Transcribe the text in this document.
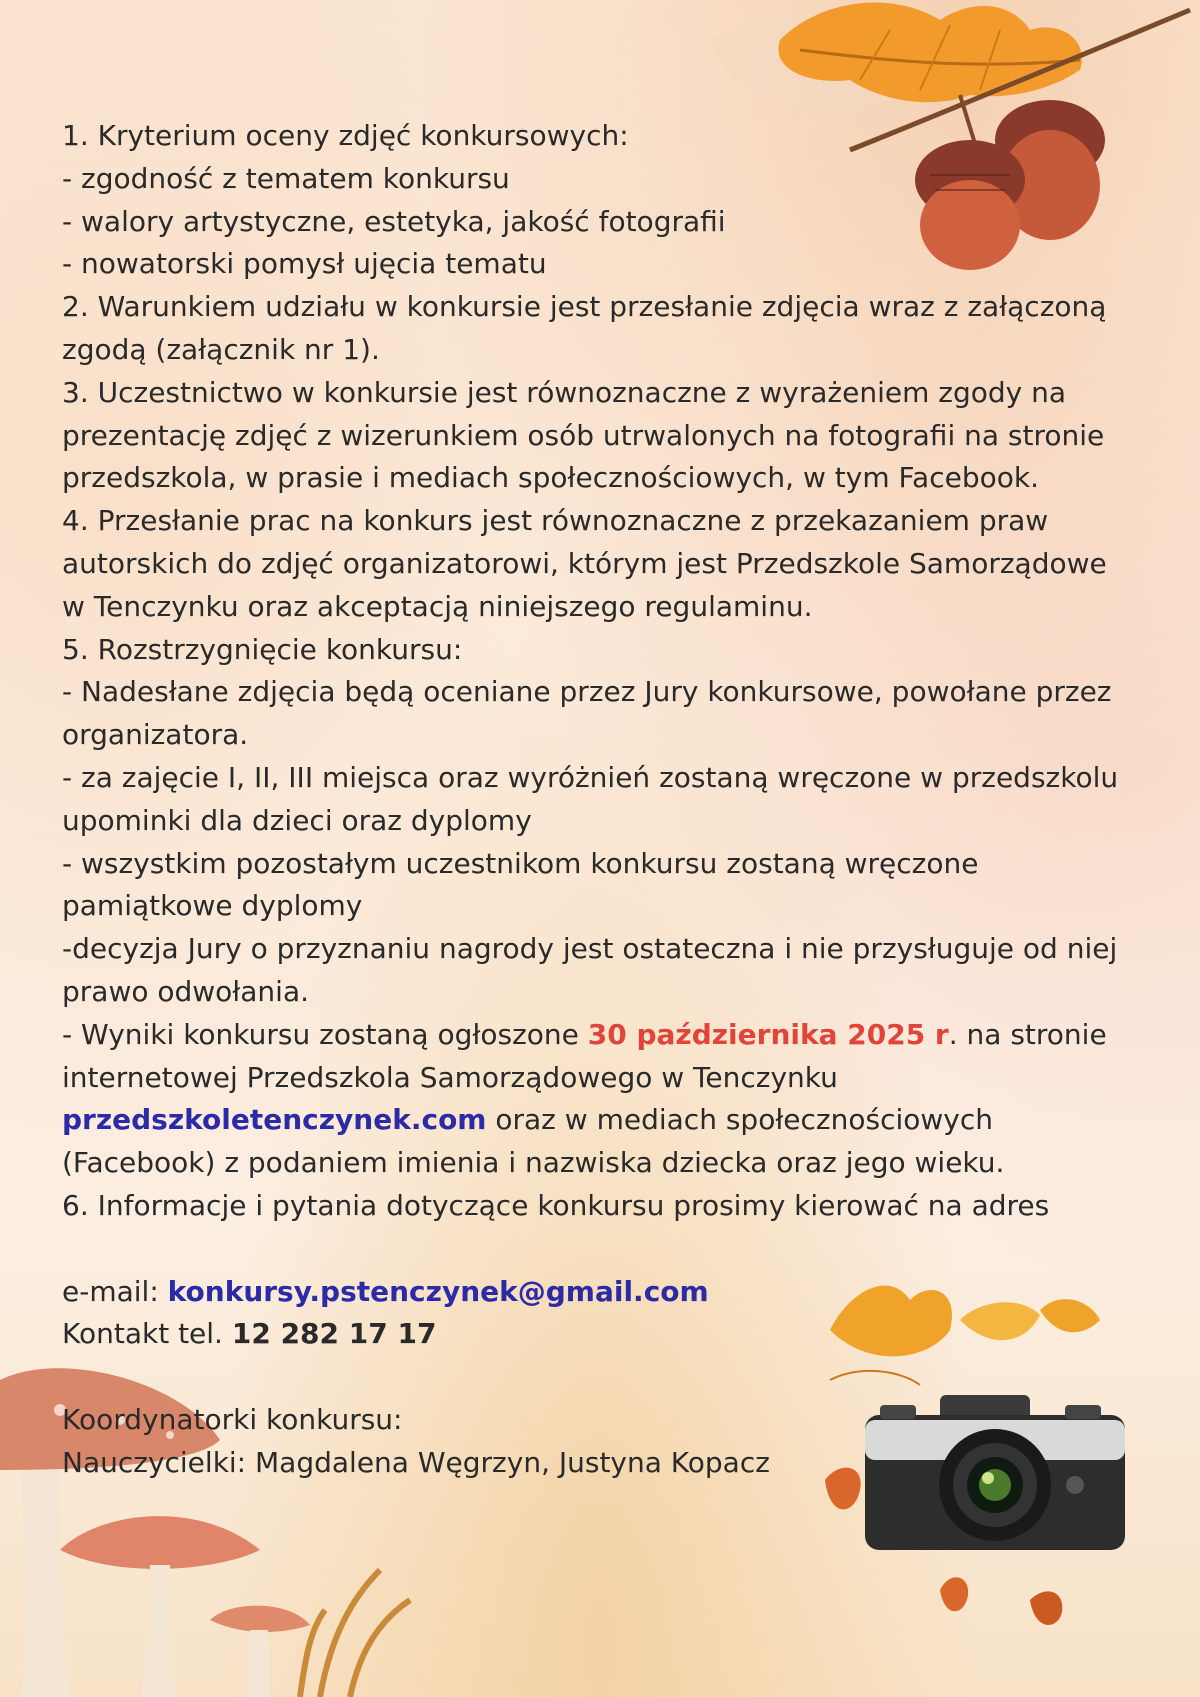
1. Kryterium oceny zdjęć konkursowych:

- zgodność z tematem konkursu

- walory artystyczne, estetyka, jakość fotografii

- nowatorski pomysł ujęcia tematu

2. Warunkiem udziału w konkursie jest przesłanie zdjęcia wraz z załączoną

zgodą (załącznik nr 1).

3. Uczestnictwo w konkursie jest równoznaczne z wyrażeniem zgody na

prezentację zdjęć z wizerunkiem osób utrwalonych na fotografii na stronie

przedszkola, w prasie i mediach społecznościowych, w tym Facebook.

4. Przesłanie prac na konkurs jest równoznaczne z przekazaniem praw

autorskich do zdjęć organizatorowi, którym jest Przedszkole Samorządowe

w Tenczynku oraz akceptacją niniejszego regulaminu.

5. Rozstrzygnięcie konkursu:

- Nadesłane zdjęcia będą oceniane przez Jury konkursowe, powołane przez

organizatora.

- za zajęcie I, II, III miejsca oraz wyróżnień zostaną wręczone w przedszkolu

upominki dla dzieci oraz dyplomy

- wszystkim pozostałym uczestnikom konkursu zostaną wręczone

pamiątkowe dyplomy

-decyzja Jury o przyznaniu nagrody jest ostateczna i nie przysługuje od niej

prawo odwołania.

- Wyniki konkursu zostaną ogłoszone 30 października 2025 r. na stronie

internetowej Przedszkola Samorządowego w Tenczynku

przedszkoletenczynek.com oraz w mediach społecznościowych

(Facebook) z podaniem imienia i nazwiska dziecka oraz jego wieku.

6. Informacje i pytania dotyczące konkursu prosimy kierować na adres

e-mail: konkursy.pstenczynek@gmail.com

Kontakt tel. 12 282 17 17

Koordynatorki konkursu:

Nauczycielki: Magdalena Węgrzyn, Justyna Kopacz
